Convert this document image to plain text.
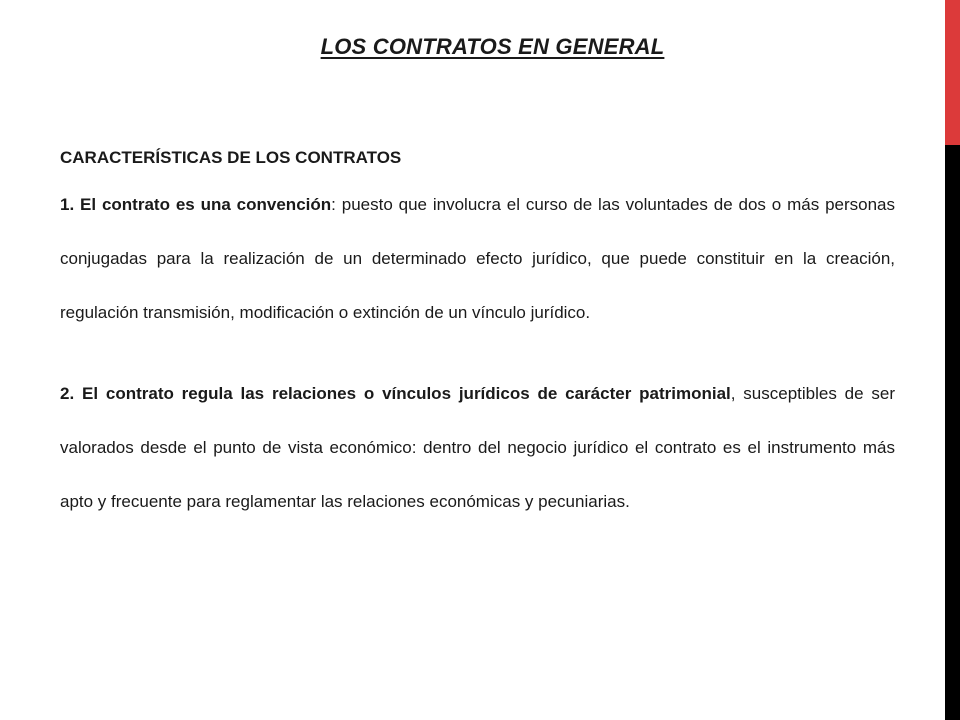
LOS CONTRATOS EN GENERAL
CARACTERÍSTICAS DE LOS CONTRATOS

1. El contrato es una convención: puesto que involucra el curso de las voluntades de dos o más personas conjugadas para la realización de un determinado efecto jurídico, que puede constituir en la creación, regulación transmisión, modificación o extinción de un vínculo jurídico.

2. El contrato regula las relaciones o vínculos jurídicos de carácter patrimonial, susceptibles de ser valorados desde el punto de vista económico: dentro del negocio jurídico el contrato es el instrumento más apto y frecuente para reglamentar las relaciones económicas y pecuniarias.
